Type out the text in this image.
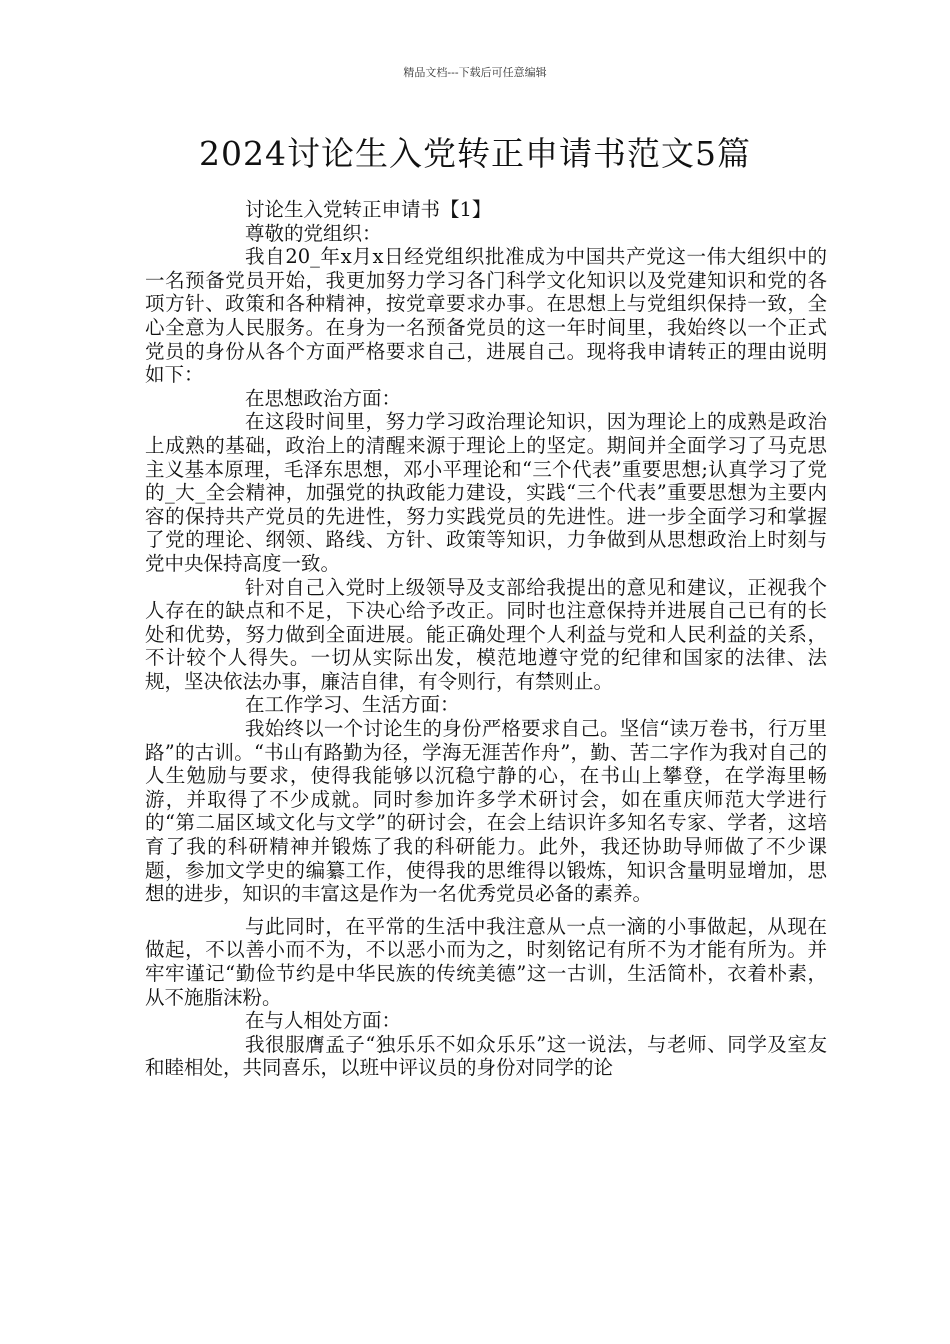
精品文档---下载后可任意编辑
2024讨论生入党转正申请书范文5篇

讨论生入党转正申请书【1】

尊敬的党组织：

我自20_年x月x日经党组织批准成为中国共产党这一伟大组织中的一名预备党员开始，我更加努力学习各门科学文化知识以及党建知识和党的各项方针、政策和各种精神，按党章要求办事。在思想上与党组织保持一致，全心全意为人民服务。在身为一名预备党员的这一年时间里，我始终以一个正式党员的身份从各个方面严格要求自己，进展自己。现将我申请转正的理由说明如下：

在思想政治方面：

在这段时间里，努力学习政治理论知识，因为理论上的成熟是政治上成熟的基础，政治上的清醒来源于理论上的坚定。期间并全面学习了马克思主义基本原理，毛泽东思想，邓小平理论和“三个代表”重要思想;认真学习了党的_大_全会精神，加强党的执政能力建设，实践“三个代表”重要思想为主要内容的保持共产党员的先进性，努力实践党员的先进性。进一步全面学习和掌握了党的理论、纲领、路线、方针、政策等知识，力争做到从思想政治上时刻与党中央保持高度一致。

针对自己入党时上级领导及支部给我提出的意见和建议，正视我个人存在的缺点和不足，下决心给予改正。同时也注意保持并进展自己已有的长处和优势，努力做到全面进展。能正确处理个人利益与党和人民利益的关系，不计较个人得失。一切从实际出发，模范地遵守党的纪律和国家的法律、法规，坚决依法办事，廉洁自律，有令则行，有禁则止。

在工作学习、生活方面：

我始终以一个讨论生的身份严格要求自己。坚信“读万卷书，行万里路”的古训。“书山有路勤为径，学海无涯苦作舟”，勤、苦二字作为我对自己的人生勉励与要求，使得我能够以沉稳宁静的心，在书山上攀登，在学海里畅游，并取得了不少成就。同时参加许多学术研讨会，如在重庆师范大学进行的“第二届区域文化与文学”的研讨会，在会上结识许多知名专家、学者，这培育了我的科研精神并锻炼了我的科研能力。此外，我还协助导师做了不少课题，参加文学史的编纂工作，使得我的思维得以锻炼，知识含量明显增加，思想的进步，知识的丰富这是作为一名优秀党员必备的素养。

与此同时，在平常的生活中我注意从一点一滴的小事做起，从现在做起，不以善小而不为，不以恶小而为之，时刻铭记有所不为才能有所为。并牢牢谨记“勤俭节约是中华民族的传统美德”这一古训，生活简朴，衣着朴素，从不施脂沫粉。

在与人相处方面：

我很服膺孟子“独乐乐不如众乐乐”这一说法，与老师、同学及室友和睦相处，共同喜乐，以班中评议员的身份对同学的论
